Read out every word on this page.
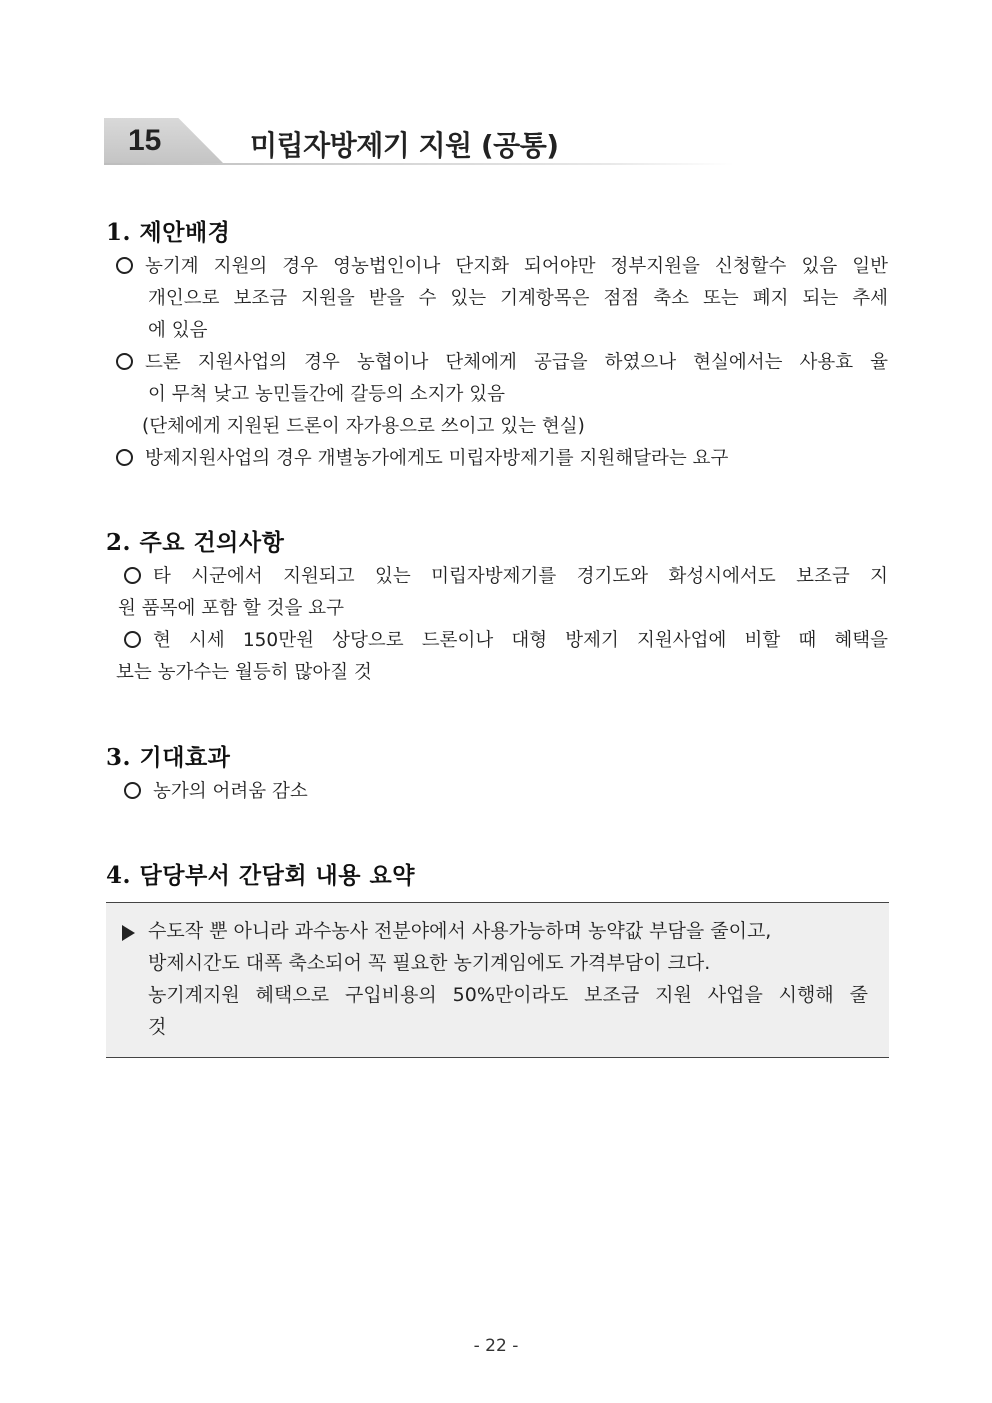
15	미립자방제기 지원 (공통)
1. 제안배경
농기계 지원의 경우 영농법인이나 단지화 되어야만 정부지원을 신청할수 있음 일반
개인으로 보조금 지원을 받을 수 있는 기계항목은 점점 축소 또는 폐지 되는 추세
에 있음
드론 지원사업의 경우 농협이나 단체에게 공급을 하였으나 현실에서는 사용효 율
이 무척 낮고 농민들간에 갈등의 소지가 있음
(단체에게 지원된 드론이 자가용으로 쓰이고 있는 현실)
방제지원사업의 경우 개별농가에게도 미립자방제기를 지원해달라는 요구
2. 주요 건의사항
타 시군에서 지원되고 있는 미립자방제기를 경기도와 화성시에서도 보조금 지
원 품목에 포함 할 것을 요구
현 시세 150만원 상당으로 드론이나 대형 방제기 지원사업에 비할 때 혜택을
보는 농가수는 월등히 많아질 것
3. 기대효과
농가의 어려움 감소
4. 담당부서 간담회 내용 요약
수도작 뿐 아니라 과수농사 전분야에서 사용가능하며 농약값 부담을 줄이고,
방제시간도 대폭 축소되어 꼭 필요한 농기계임에도 가격부담이 크다.
농기계지원 혜택으로 구입비용의 50%만이라도 보조금 지원 사업을 시행해 줄
것
- 22 -
